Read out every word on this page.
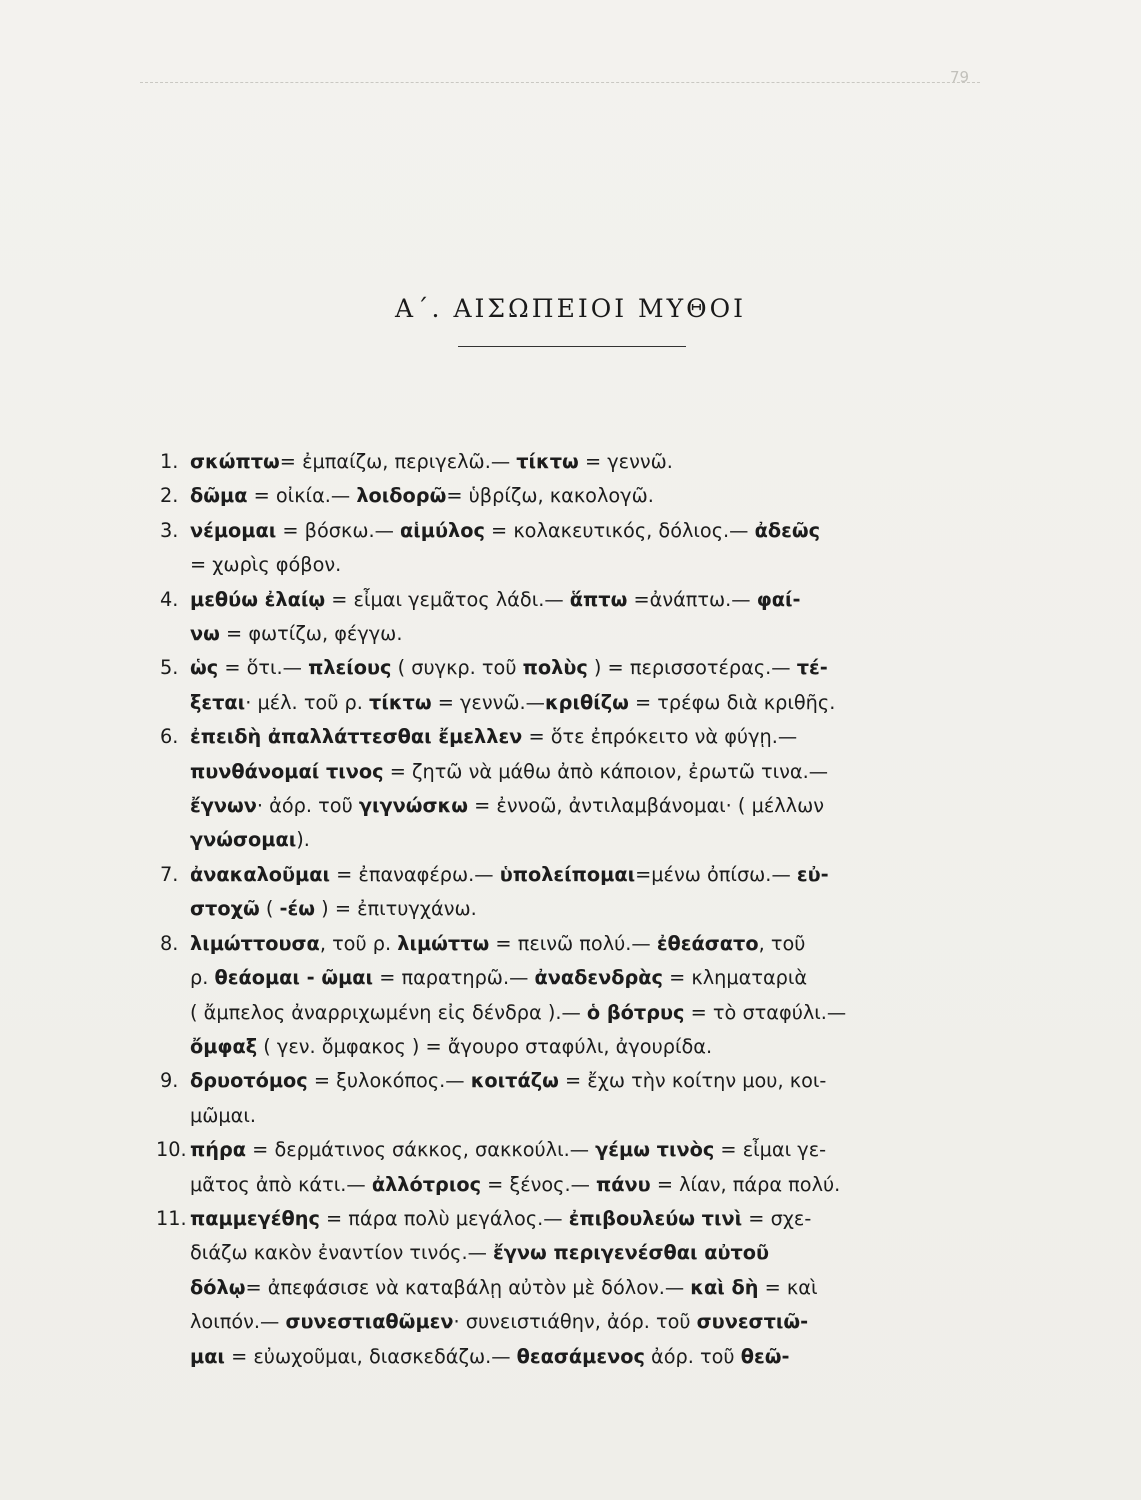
79
Α΄. ΑΙΣΩΠΕΙΟΙ ΜΥΘΟΙ
1. σκώπτω= ἐμπαίζω, περιγελῶ.— τίκτω = γεννῶ.
2. δῶμα = οἰκία.— λοιδορῶ= ὑβρίζω, κακολογῶ.
3. νέμομαι = βόσκω.— αἱμύλος = κολακευτικός, δόλιος.— ἀδεῶς
= χωρὶς φόβον.
4. μεθύω ἐλαίῳ = εἶμαι γεμᾶτος λάδι.— ἅπτω =ἀνάπτω.— φαί-
νω = φωτίζω, φέγγω.
5. ὡς = ὅτι.— πλείους ( συγκρ. τοῦ πολὺς ) = περισσοτέρας.— τέ-
ξεται· μέλ. τοῦ ρ. τίκτω = γεννῶ.—κριθίζω = τρέφω διὰ κριθῆς.
6. ἐπειδὴ ἀπαλλάττεσθαι ἔμελλεν = ὅτε ἐπρόκειτο νὰ φύγῃ.—
πυνθάνομαί τινος = ζητῶ νὰ μάθω ἀπὸ κάποιον, ἐρωτῶ τινα.—
ἔγνων· ἀόρ. τοῦ γιγνώσκω = ἐννοῶ, ἀντιλαμβάνομαι· ( μέλλων
γνώσομαι).
7. ἀνακαλοῦμαι = ἐπαναφέρω.— ὑπολείπομαι=μένω ὀπίσω.— εὐ-
στοχῶ ( -έω ) = ἐπιτυγχάνω.
8. λιμώττουσα, τοῦ ρ. λιμώττω = πεινῶ πολύ.— ἐθεάσατο, τοῦ
ρ. θεάομαι - ῶμαι = παρατηρῶ.— ἀναδενδρὰς = κληματαριὰ
( ἄμπελος ἀναρριχωμένη εἰς δένδρα ).— ὁ βότρυς = τὸ σταφύλι.—
ὄμφαξ ( γεν. ὄμφακος ) = ἄγουρο σταφύλι, ἀγουρίδα.
9. δρυοτόμος = ξυλοκόπος.— κοιτάζω = ἔχω τὴν κοίτην μου, κοι-
μῶμαι.
10. πήρα = δερμάτινος σάκκος, σακκούλι.— γέμω τινὸς = εἶμαι γε-
μᾶτος ἀπὸ κάτι.— ἀλλότριος = ξένος.— πάνυ = λίαν, πάρα πολύ.
11. παμμεγέθης = πάρα πολὺ μεγάλος.— ἐπιβουλεύω τινὶ = σχε-
διάζω κακὸν ἐναντίον τινός.— ἔγνω περιγενέσθαι αὐτοῦ
δόλῳ= ἀπεφάσισε νὰ καταβάλῃ αὐτὸν μὲ δόλον.— καὶ δὴ = καὶ
λοιπόν.— συνεστιαθῶμεν· συνειστιάθην, ἀόρ. τοῦ συνεστιῶ-
μαι = εὐωχοῦμαι, διασκεδάζω.— θεασάμενος ἀόρ. τοῦ θεῶ-
